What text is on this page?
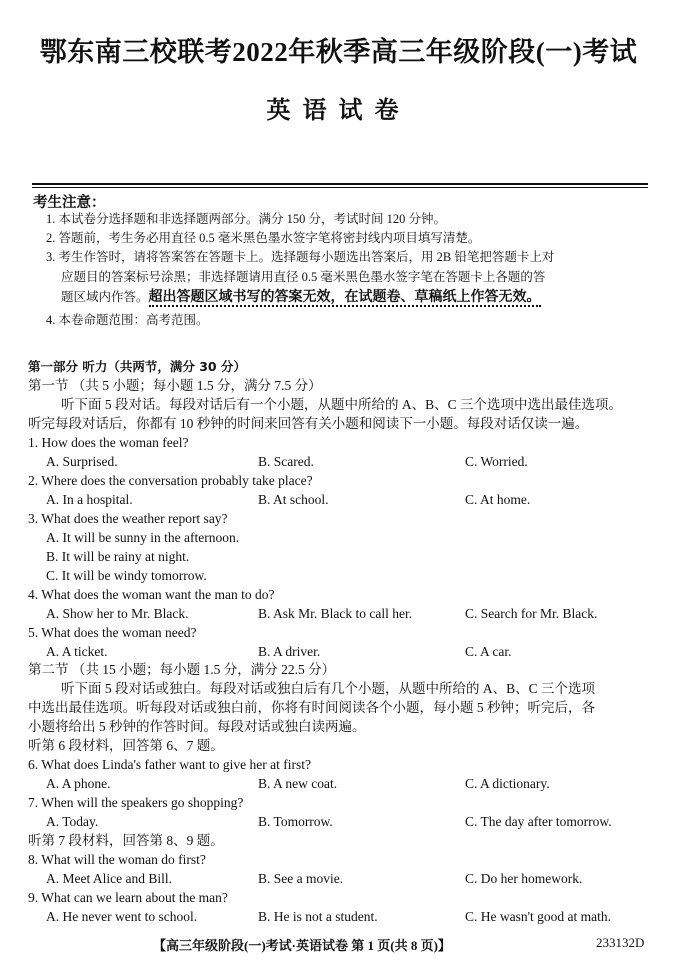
鄂东南三校联考2022年秋季高三年级阶段(一)考试
英语试卷
考生注意：
1. 本试卷分选择题和非选择题两部分。满分 150 分，考试时间 120 分钟。
2. 答题前，考生务必用直径 0.5 毫米黑色墨水签字笔将密封线内项目填写清楚。
3. 考生作答时，请将答案答在答题卡上。选择题每小题选出答案后，用 2B 铅笔把答题卡上对
应题目的答案标号涂黑；非选择题请用直径 0.5 毫米黑色墨水签字笔在答题卡上各题的答
题区域内作答。超出答题区域书写的答案无效，在试题卷、草稿纸上作答无效。
4. 本卷命题范围：高考范围。
第一部分 听力（共两节，满分 30 分）
第一节 （共 5 小题；每小题 1.5 分，满分 7.5 分）
听下面 5 段对话。每段对话后有一个小题，从题中所给的 A、B、C 三个选项中选出最佳选项。
听完每段对话后，你都有 10 秒钟的时间来回答有关小题和阅读下一小题。每段对话仅读一遍。
1. How does the woman feel?
A. Surprised.	B. Scared.	C. Worried.
2. Where does the conversation probably take place?
A. In a hospital.	B. At school.	C. At home.
3. What does the weather report say?
A. It will be sunny in the afternoon.
B. It will be rainy at night.
C. It will be windy tomorrow.
4. What does the woman want the man to do?
A. Show her to Mr. Black.	B. Ask Mr. Black to call her.	C. Search for Mr. Black.
5. What does the woman need?
A. A ticket.	B. A driver.	C. A car.
第二节 （共 15 小题；每小题 1.5 分，满分 22.5 分）
听下面 5 段对话或独白。每段对话或独白后有几个小题，从题中所给的 A、B、C 三个选项
中选出最佳选项。听每段对话或独白前，你将有时间阅读各个小题，每小题 5 秒钟；听完后，各
小题将给出 5 秒钟的作答时间。每段对话或独白读两遍。
听第 6 段材料，回答第 6、7 题。
6. What does Linda's father want to give her at first?
A. A phone.	B. A new coat.	C. A dictionary.
7. When will the speakers go shopping?
A. Today.	B. Tomorrow.	C. The day after tomorrow.
听第 7 段材料，回答第 8、9 题。
8. What will the woman do first?
A. Meet Alice and Bill.	B. See a movie.	C. Do her homework.
9. What can we learn about the man?
A. He never went to school.	B. He is not a student.	C. He wasn't good at math.
【高三年级阶段(一)考试·英语试卷 第 1 页(共 8 页)】	233132D
